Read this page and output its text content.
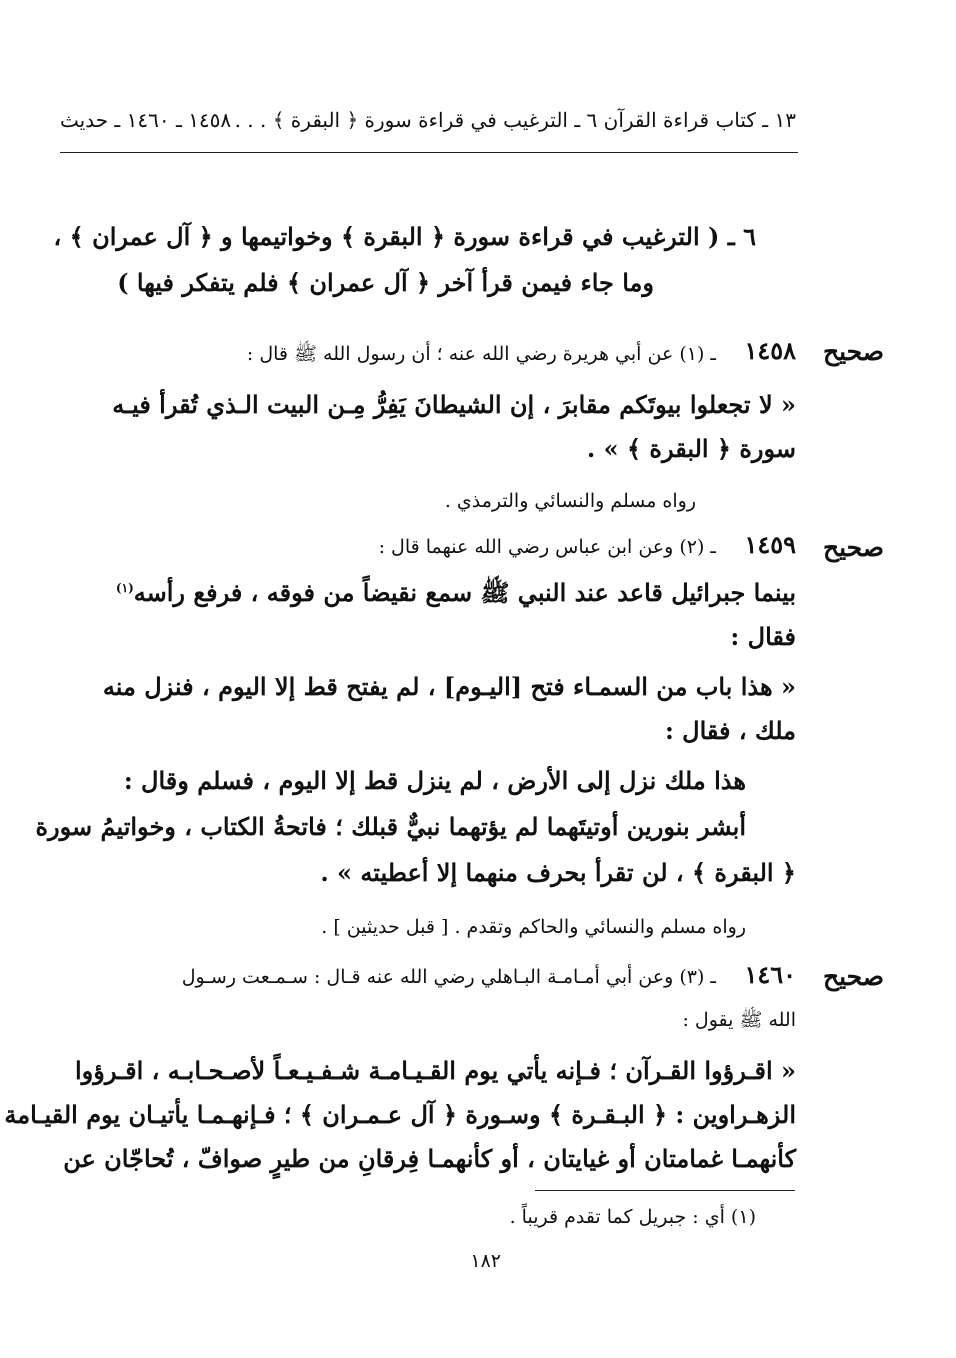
١٣ ـ كتاب قراءة القرآن ٦ ـ الترغيب في قراءة سورة ﴿ البقرة ﴾ . . .
١٤٥٨ ـ ١٤٦٠ ـ حديث
٦ ـ ( الترغيب في قراءة سورة ﴿ البقرة ﴾ وخواتيمها و ﴿ آل عمران ﴾ ،
وما جاء فيمن قرأ آخر ﴿ آل عمران ﴾ فلم يتفكر فيها )
صحيح
١٤٥٨
ـ (١) عن أبي هريرة رضي الله عنه ؛ أن رسول الله ﷺ قال :
« لا تجعلوا بيوتَكم مقابرَ ، إن الشيطانَ يَفِرُّ مِـن البيت الـذي تُقرأ فيـه
سورة ﴿ البقرة ﴾ » .
رواه مسلم والنسائي والترمذي .
صحيح
١٤٥٩
ـ (٢) وعن ابن عباس رضي الله عنهما قال :
بينما جبرائيل قاعد عند النبي ﷺ سمع نقيضاً من فوقه ، فرفع رأسه$^{(١)}$
فقال :
« هذا باب من السمـاء فتح [اليـوم] ، لم يفتح قط إلا اليوم ، فنزل منه
ملك ، فقال :
هذا ملك نزل إلى الأرض ، لم ينزل قط إلا اليوم ، فسلم وقال :
أبشر بنورين أوتيتَهما لم يؤتهما نبيٌّ قبلك ؛ فاتحةُ الكتاب ، وخواتيمُ سورة
﴿ البقرة ﴾ ، لن تقرأ بحرف منهما إلا أعطيته » .
رواه مسلم والنسائي والحاكم وتقدم . [ قبل حديثين ] .
صحيح
١٤٦٠
ـ (٣) وعن أبي أمـامـة البـاهلي رضي الله عنه قـال : سـمـعت رسـول
الله ﷺ يقول :
« اقـرؤوا القـرآن ؛ فـإنه يأتي يوم القـيـامـة شـفـيـعـاً لأصـحـابـه ، اقـرؤوا
الزهـراوين : ﴿ البـقـرة ﴾ وسـورة ﴿ آل عـمـران ﴾ ؛ فـإنهـمـا يأتيـان يوم القيـامة
كأنهمـا غمامتان أو غيايتان ، أو كأنهمـا فِرقانِ من طيرٍ صوافّ ، تُحاجّان عن
(١) أي : جبريل كما تقدم قريباً .
١٨٢
